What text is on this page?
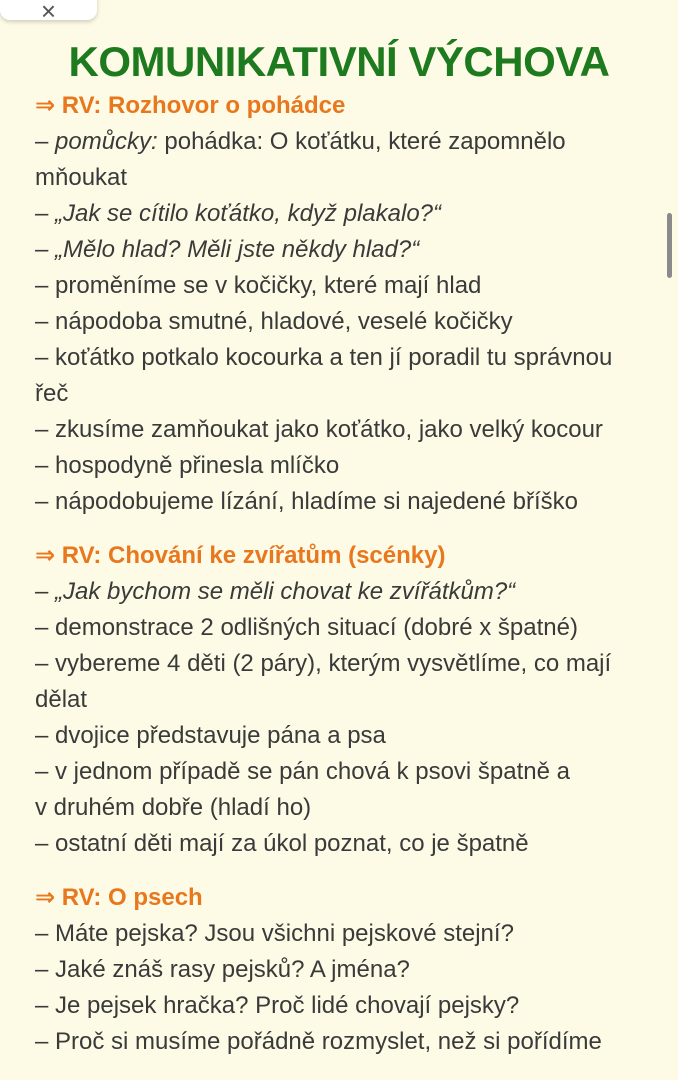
×
KOMUNIKATIVNÍ VÝCHOVA

⇒ RV: Rozhovor o pohádce

– pomůcky: pohádka: O koťátku, které zapomnělo

mňoukat

– „Jak se cítilo koťátko, když plakalo?“

– „Mělo hlad? Měli jste někdy hlad?“

– proměníme se v kočičky, které mají hlad

– nápodoba smutné, hladové, veselé kočičky

– koťátko potkalo kocourka a ten jí poradil tu správnou

řeč

– zkusíme zamňoukat jako koťátko, jako velký kocour

– hospodyně přinesla mlíčko

– nápodobujeme lízání, hladíme si najedené bříško

⇒ RV: Chování ke zvířatům (scénky)

– „Jak bychom se měli chovat ke zvířátkům?“

– demonstrace 2 odlišných situací (dobré x špatné)

– vybereme 4 děti (2 páry), kterým vysvětlíme, co mají

dělat

– dvojice představuje pána a psa

– v jednom případě se pán chová k psovi špatně a

v druhém dobře (hladí ho)

– ostatní děti mají za úkol poznat, co je špatně

⇒ RV: O psech

– Máte pejska? Jsou všichni pejskové stejní?

– Jaké znáš rasy pejsků? A jména?

– Je pejsek hračka? Proč lidé chovají pejsky?

– Proč si musíme pořádně rozmyslet, než si pořídíme
